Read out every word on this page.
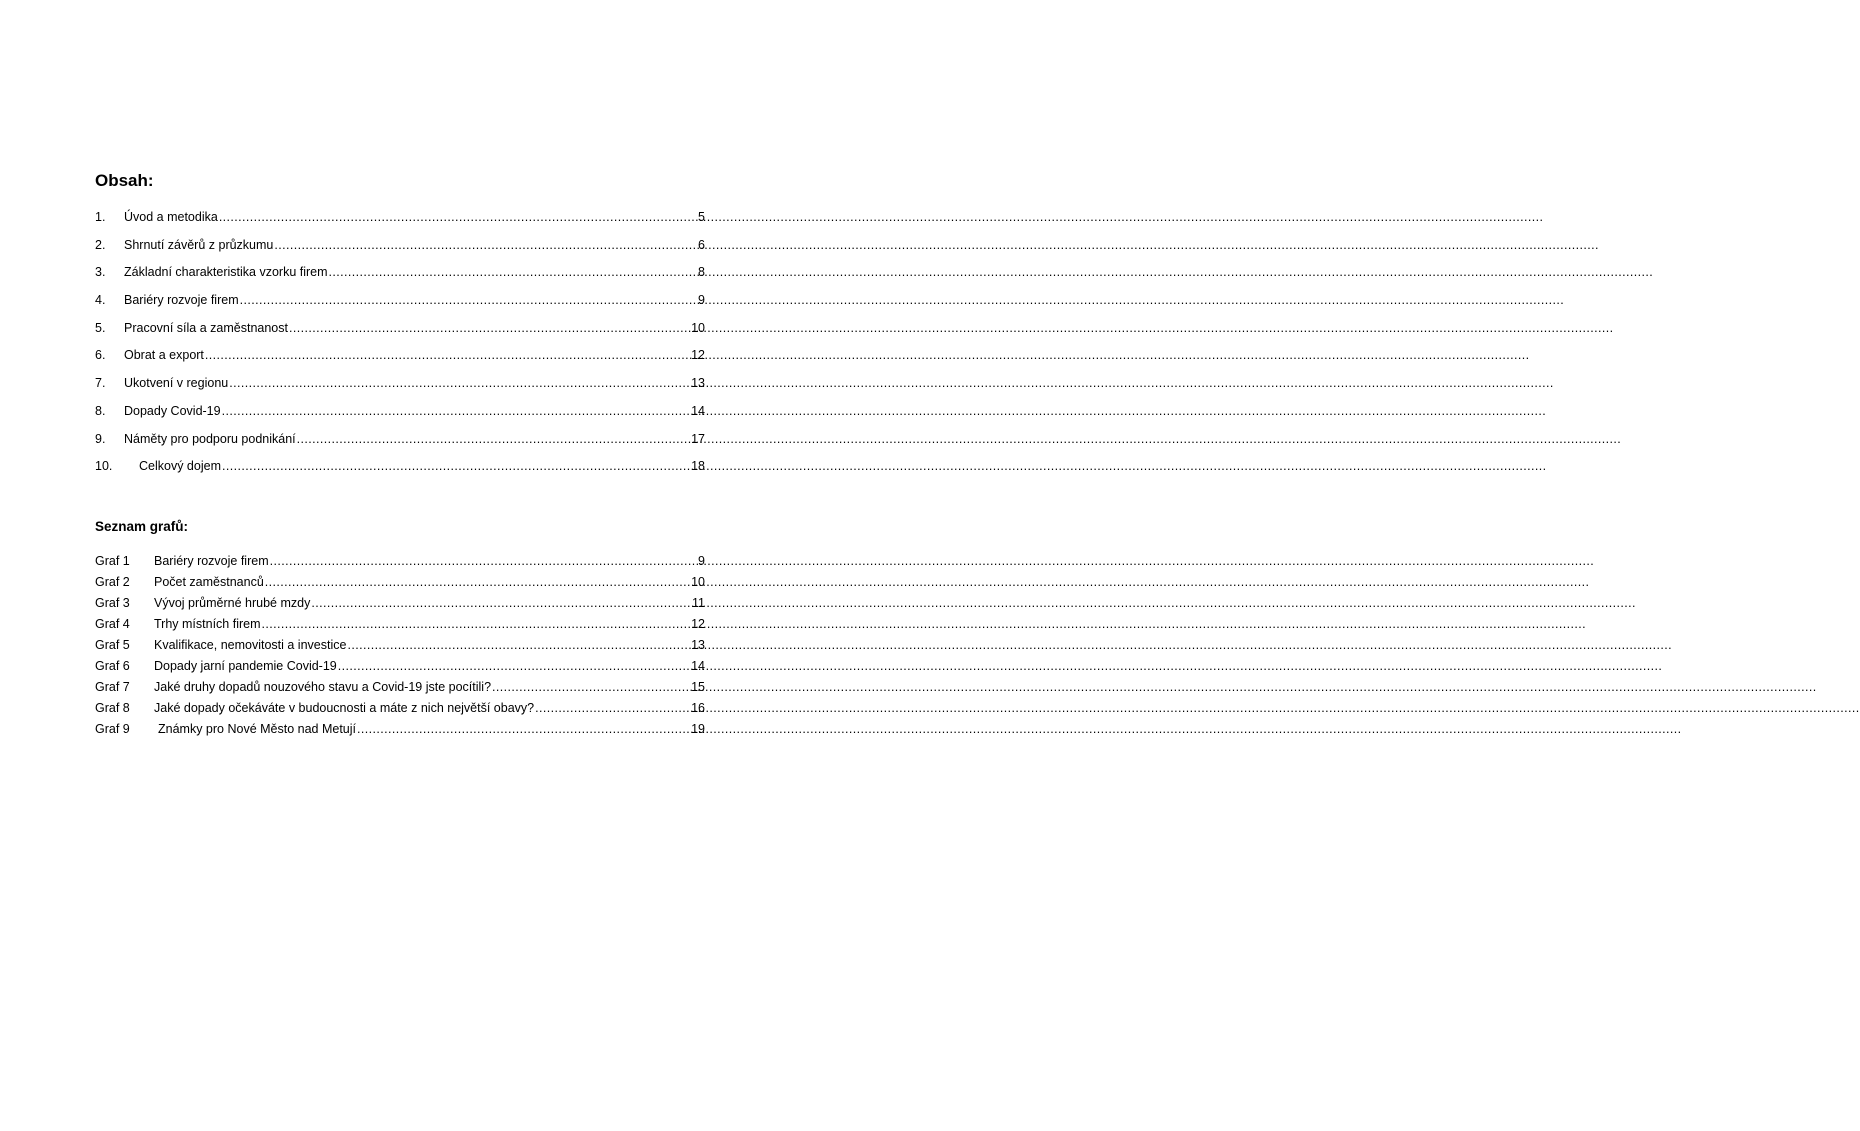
Obsah:
1.	Úvod a metodika .....	5
2.	Shrnutí závěrů z průzkumu .....	6
3.	Základní charakteristika vzorku firem .....	8
4.	Bariéry rozvoje firem .....	9
5.	Pracovní síla a zaměstnanost .....	10
6.	Obrat a export .....	12
7.	Ukotvení v regionu .....	13
8.	Dopady Covid-19 .....	14
9.	Náměty pro podporu podnikání .....	17
10.	Celkový dojem .....	18
Seznam grafů:
Graf 1	Bariéry rozvoje firem .....	9
Graf 2	Počet zaměstnanců .....	10
Graf 3	Vývoj průměrné hrubé mzdy .....	11
Graf 4	Trhy místních firem .....	12
Graf 5	Kvalifikace, nemovitosti a investice .....	13
Graf 6	Dopady jarní pandemie Covid-19 .....	14
Graf 7	Jaké druhy dopadů nouzového stavu a Covid-19 jste pocítili? .....	15
Graf 8	Jaké dopady očekáváte v budoucnosti a máte z nich největší obavy? .....	16
Graf 9	Známky pro Nové Město nad Metují .....	19
